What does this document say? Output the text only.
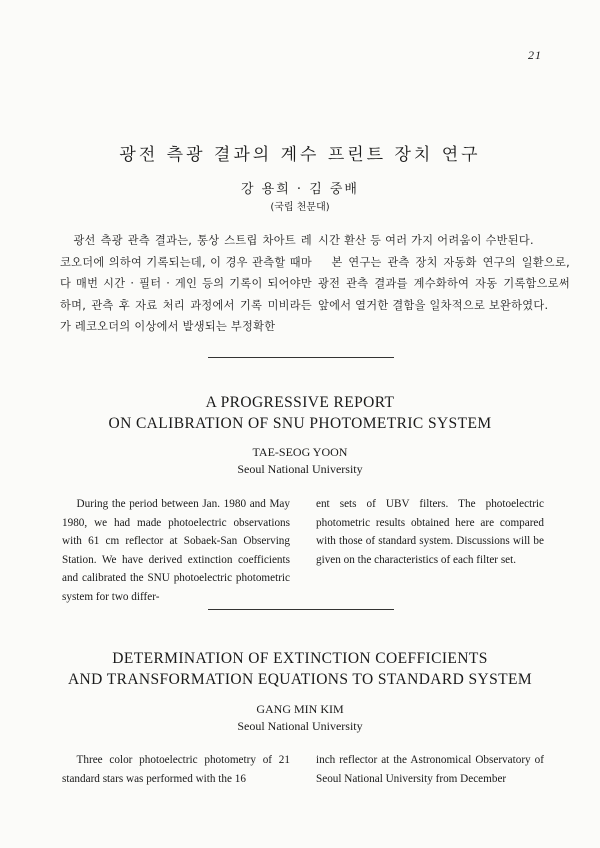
21
광전 측광 결과의 계수 프린트 장치 연구
강 용희 · 김 중배
(국립 천문대)

광선 측광 관측 결과는, 통상 스트립 차아트 레코오더에 의하여 기록되는데, 이 경우 관측할 때마다 매번 시간 · 필터 · 게인 등의 기록이 되어야만 하며, 관측 후 자료 처리 과정에서 기록 미비라든가 레코오더의 이상에서 발생되는 부정확한

시간 환산 등 여러 가지 어려움이 수반된다.

본 연구는 관측 장치 자동화 연구의 일환으로, 광전 관측 결과를 계수화하여 자동 기록함으로써 앞에서 열거한 결함을 일차적으로 보완하였다.

A PROGRESSIVE REPORT
ON CALIBRATION OF SNU PHOTOMETRIC SYSTEM
TAE-SEOG YOON
Seoul National University

During the period between Jan. 1980 and May 1980, we had made photoelectric observations with 61 cm reflector at Sobaek-San Observing Station. We have derived extinction coefficients and calibrated the SNU photoelectric photometric system for two differ-

ent sets of UBV filters. The photoelectric photometric results obtained here are compared with those of standard system. Discussions will be given on the characteristics of each filter set.

DETERMINATION OF EXTINCTION COEFFICIENTS
AND TRANSFORMATION EQUATIONS TO STANDARD SYSTEM
GANG MIN KIM
Seoul National University

Three color photoelectric photometry of 21 standard stars was performed with the 16

inch reflector at the Astronomical Observatory of Seoul National University from December
